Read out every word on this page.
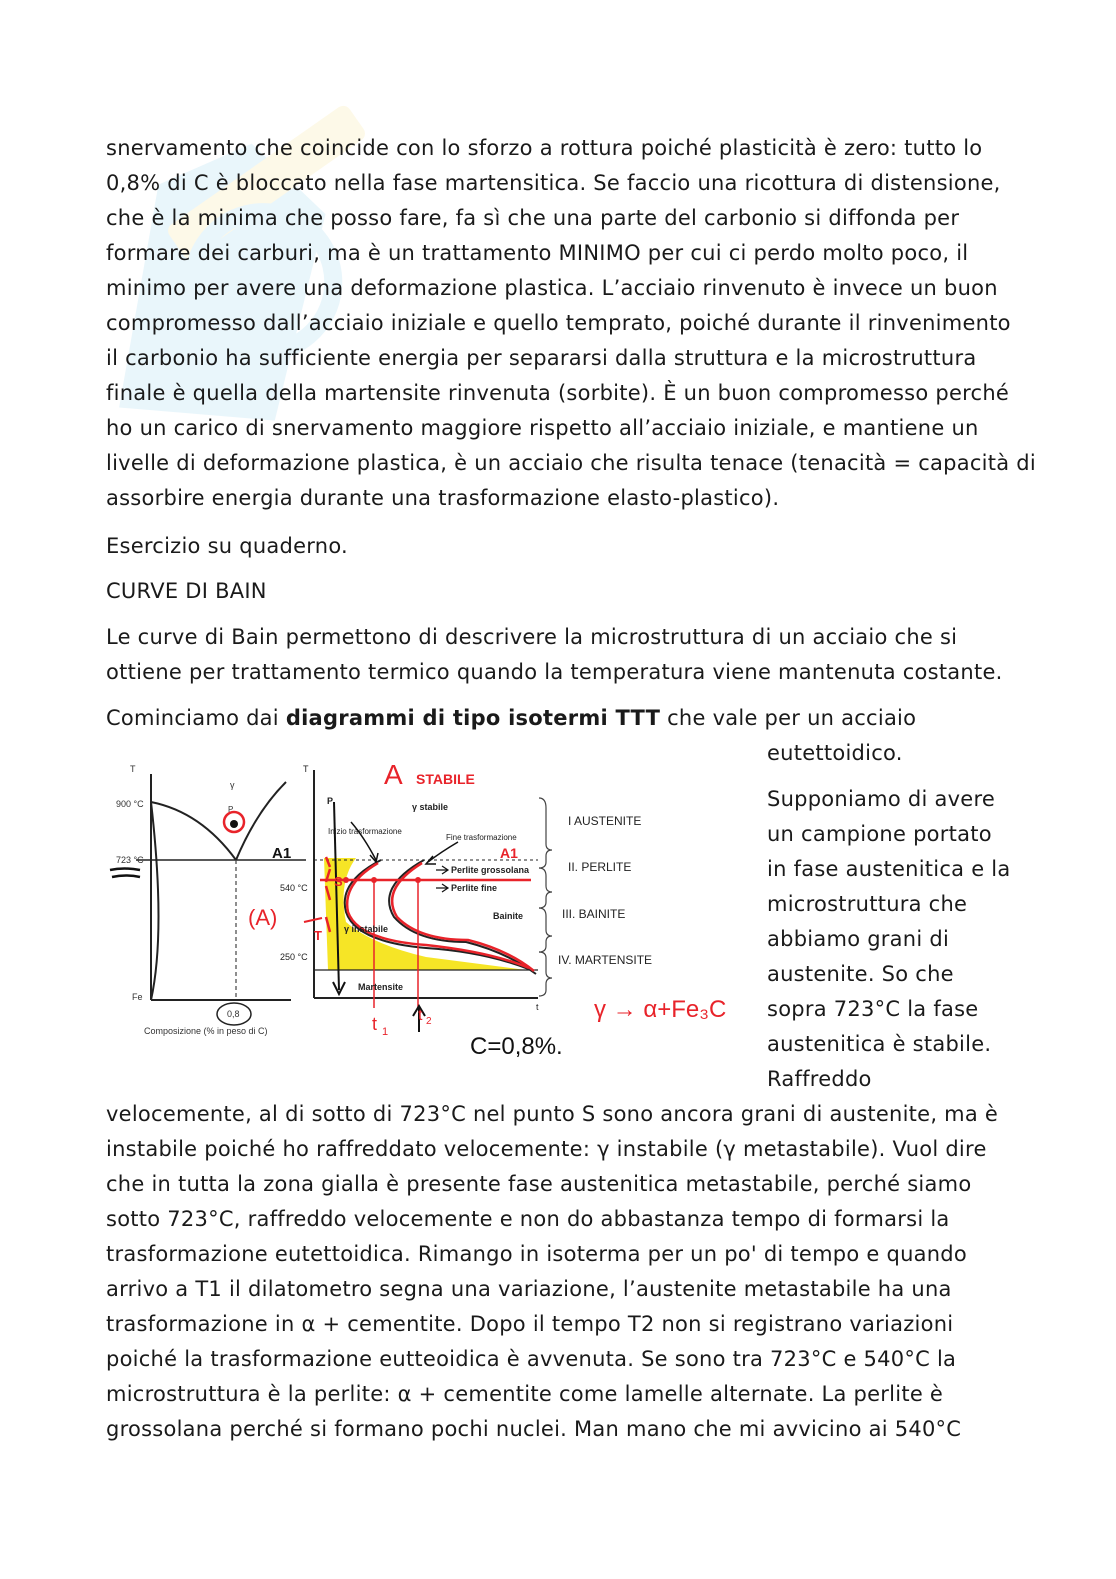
snervamento che coincide con lo sforzo a rottura poiché plasticità è zero: tutto lo
0,8% di C è bloccato nella fase martensitica. Se faccio una ricottura di distensione,
che è la minima che posso fare, fa sì che una parte del carbonio si diffonda per
formare dei carburi, ma è un trattamento MINIMO per cui ci perdo molto poco, il
minimo per avere una deformazione plastica. L’acciaio rinvenuto è invece un buon
compromesso dall’acciaio iniziale e quello temprato, poiché durante il rinvenimento
il carbonio ha sufficiente energia per separarsi dalla struttura e la microstruttura
finale è quella della martensite rinvenuta (sorbite). È un buon compromesso perché
ho un carico di snervamento maggiore rispetto all’acciaio iniziale, e mantiene un
livelle di deformazione plastica, è un acciaio che risulta tenace (tenacità = capacità di
assorbire energia durante una trasformazione elasto-plastico).

Esercizio su quaderno.

CURVE DI BAIN

Le curve di Bain permettono di descrivere la microstruttura di un acciaio che si
ottiene per trattamento termico quando la temperatura viene mantenuta costante.

Cominciamo dai diagrammi di tipo isotermi TTT che vale per un acciaio

eutettoidico.

Supponiamo di avere
un campione portato
in fase austenitica e la
microstruttura che
abbiamo grani di
austenite. So che
sopra 723°C la fase
austenitica è stabile.
Raffreddo
velocemente, al di sotto di 723°C nel punto S sono ancora grani di austenite, ma è
instabile poiché ho raffreddato velocemente: γ instabile (γ metastabile). Vuol dire
che in tutta la zona gialla è presente fase austenitica metastabile, perché siamo
sotto 723°C, raffreddo velocemente e non do abbastanza tempo di formarsi la
trasformazione eutettoidica. Rimango in isoterma per un po' di tempo e quando
arrivo a T1 il dilatometro segna una variazione, l’austenite metastabile ha una
trasformazione in α + cementite. Dopo il tempo T2 non si registrano variazioni
poiché la trasformazione eutteoidica è avvenuta. Se sono tra 723°C e 540°C la
microstruttura è la perlite: α + cementite come lamelle alternate. La perlite è
grossolana perché si formano pochi nuclei. Man mano che mi avvicino ai 540°C
T
γ
P
900 °C
723 °C
Fe
0,8
Composizione (% in peso di C)
T
t
P
γ stabile
Inizio trasformazione
Fine trasformazione
Perlite grossolana
Perlite fine
Bainite
γ instabile
Martensite
540 °C
250 °C
S
T
I AUSTENITE
II. PERLITE
III. BAINITE
IV. MARTENSITE
A STABILE
A1
(A)
t 1
t 2	γ → α+Fe₃C
A1
C=0,8%.
